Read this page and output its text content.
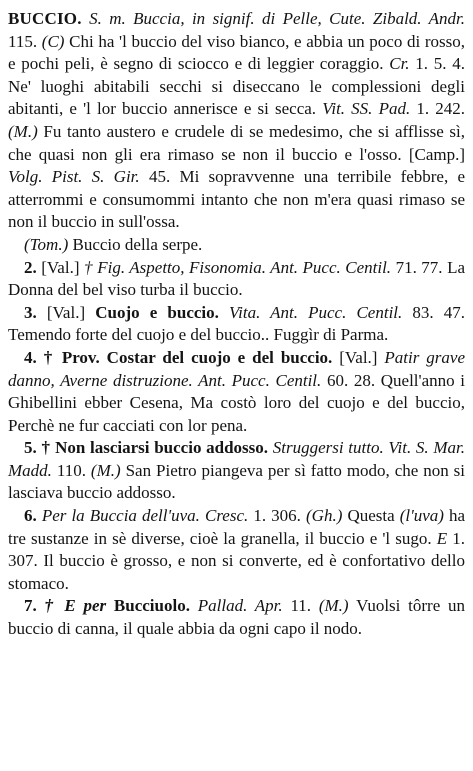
BUCCIO. S. m. Buccia, in signif. di Pelle, Cute. Zibald. Andr. 115. (C) Chi ha 'l buccio del viso bianco, e abbia un poco di rosso, e pochi peli, è segno di sciocco e di leggier coraggio. Cr. 1. 5. 4. Ne' luoghi abitabili secchi si diseccano le complessioni degli abitanti, e 'l lor buccio annerisce e si secca. Vit. SS. Pad. 1. 242. (M.) Fu tanto austero e crudele di se medesimo, che si afflisse sì, che quasi non gli era rimaso se non il buccio e l'osso. [Camp.] Volg. Pist. S. Gir. 45. Mi sopravvenne una terribile febbre, e atterrommi e consumommi intanto che non m'era quasi rimaso se non il buccio in sull'ossa.

(Tom.) Buccio della serpe.

2. [Val.] † Fig. Aspetto, Fisonomia. Ant. Pucc. Centil. 71. 77. La Donna del bel viso turba il buccio.

3. [Val.] Cuojo e buccio. Vita. Ant. Pucc. Centil. 83. 47. Temendo forte del cuojo e del buccio.. Fuggìr di Parma.

4. † Prov. Costar del cuojo e del buccio. [Val.] Patir grave danno, Averne distruzione. Ant. Pucc. Centil. 60. 28. Quell'anno i Ghibellini ebber Cesena, Ma costò loro del cuojo e del buccio, Perchè ne fur cacciati con lor pena.

5. † Non lasciarsi buccio addosso. Struggersi tutto. Vit. S. Mar. Madd. 110. (M.) San Pietro piangeva per sì fatto modo, che non si lasciava buccio addosso.

6. Per la Buccia dell'uva. Cresc. 1. 306. (Gh.) Questa (l'uva) ha tre sustanze in sè diverse, cioè la granella, il buccio e 'l sugo. E 1. 307. Il buccio è grosso, e non si converte, ed è confortativo dello stomaco.

7. † E per Bucciuolo. Pallad. Apr. 11. (M.) Vuolsi tôrre un buccio di canna, il quale abbia da ogni capo il nodo.
